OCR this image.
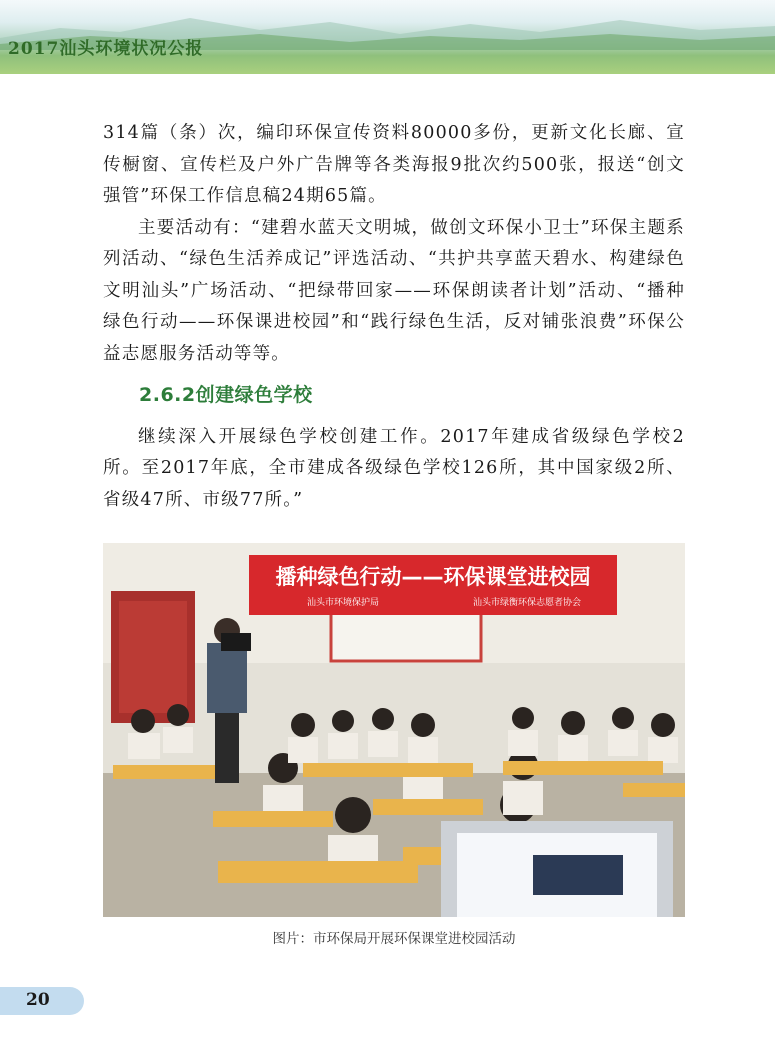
2017汕头环境状况公报

314篇（条）次，编印环保宣传资料80000多份，更新文化长廊、宣传橱窗、宣传栏及户外广告牌等各类海报9批次约500张，报送“创文强管”环保工作信息稿24期65篇。

主要活动有：“建碧水蓝天文明城，做创文环保小卫士”环保主题系列活动、“绿色生活养成记”评选活动、“共护共享蓝天碧水、构建绿色文明汕头”广场活动、“把绿带回家——环保朗读者计划”活动、“播种绿色行动——环保课进校园”和“践行绿色生活，反对铺张浪费”环保公益志愿服务活动等等。

2.6.2创建绿色学校

继续深入开展绿色学校创建工作。2017年建成省级绿色学校2所。至2017年底，全市建成各级绿色学校126所，其中国家级2所、省级47所、市级77所。”

播种绿色行动——环保课堂进校园
汕头市环境保护局	汕头市绿衡环保志愿者协会
图片：市环保局开展环保课堂进校园活动
20
